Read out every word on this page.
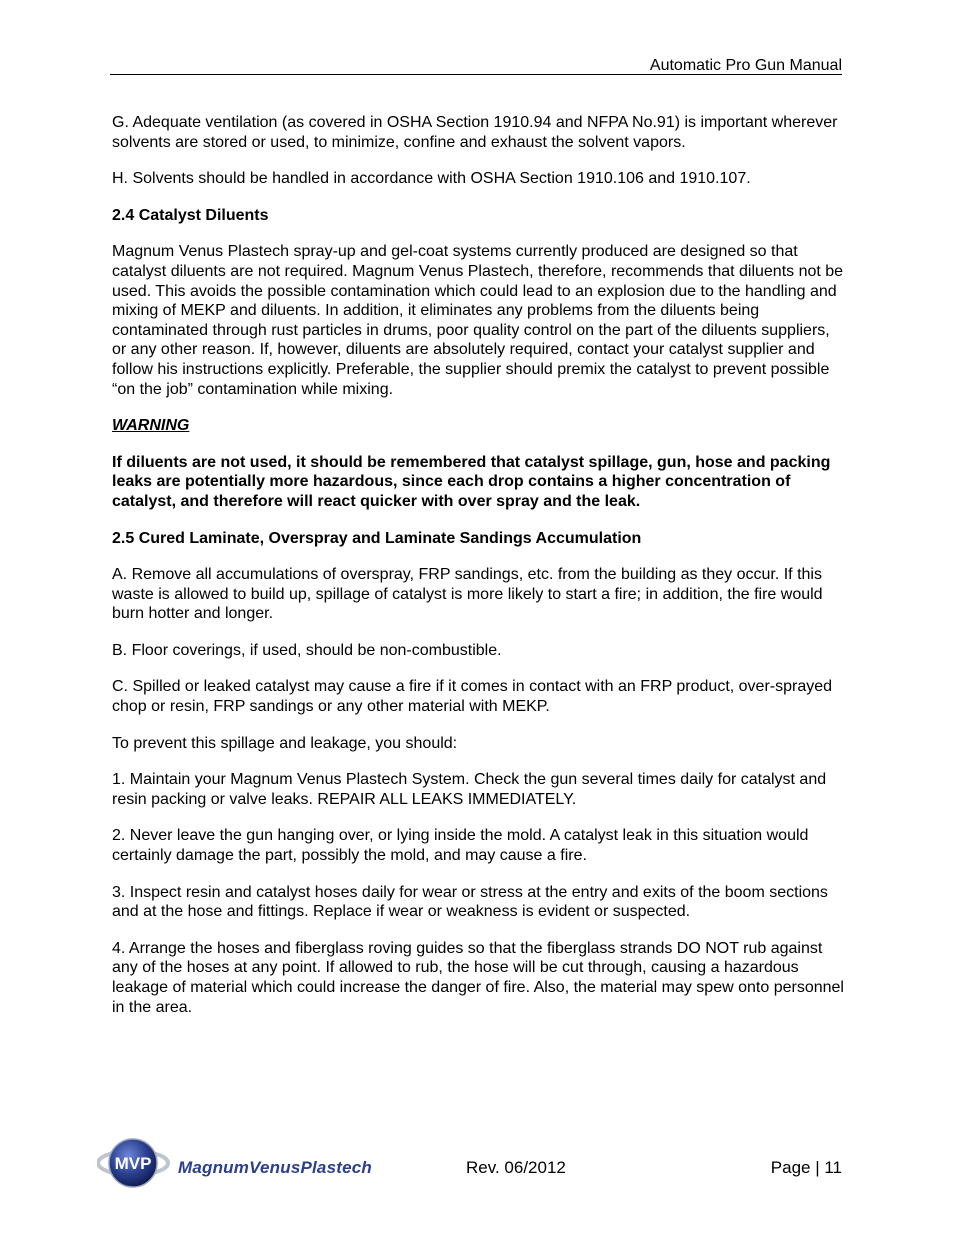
Automatic Pro Gun Manual

G. Adequate ventilation (as covered in OSHA Section 1910.94 and NFPA No.91) is important wherever solvents are stored or used, to minimize, confine and exhaust the solvent vapors.

H. Solvents should be handled in accordance with OSHA Section 1910.106 and 1910.107.

2.4 Catalyst Diluents

Magnum Venus Plastech spray-up and gel-coat systems currently produced are designed so that catalyst diluents are not required. Magnum Venus Plastech, therefore, recommends that diluents not be used. This avoids the possible contamination which could lead to an explosion due to the handling and mixing of MEKP and diluents. In addition, it eliminates any problems from the diluents being contaminated through rust particles in drums, poor quality control on the part of the diluents suppliers, or any other reason. If, however, diluents are absolutely required, contact your catalyst supplier and follow his instructions explicitly. Preferable, the supplier should premix the catalyst to prevent possible “on the job” contamination while mixing.

WARNING

If diluents are not used, it should be remembered that catalyst spillage, gun, hose and packing leaks are potentially more hazardous, since each drop contains a higher concentration of catalyst, and therefore will react quicker with over spray and the leak.

2.5 Cured Laminate, Overspray and Laminate Sandings Accumulation

A. Remove all accumulations of overspray, FRP sandings, etc. from the building as they occur. If this waste is allowed to build up, spillage of catalyst is more likely to start a fire; in addition, the fire would burn hotter and longer.

B. Floor coverings, if used, should be non-combustible.

C. Spilled or leaked catalyst may cause a fire if it comes in contact with an FRP product, over-sprayed chop or resin, FRP sandings or any other material with MEKP.

To prevent this spillage and leakage, you should:

1. Maintain your Magnum Venus Plastech System. Check the gun several times daily for catalyst and resin packing or valve leaks. REPAIR ALL LEAKS IMMEDIATELY.

2. Never leave the gun hanging over, or lying inside the mold. A catalyst leak in this situation would certainly damage the part, possibly the mold, and may cause a fire.

3. Inspect resin and catalyst hoses daily for wear or stress at the entry and exits of the boom sections and at the hose and fittings. Replace if wear or weakness is evident or suspected.

4. Arrange the hoses and fiberglass roving guides so that the fiberglass strands DO NOT rub against any of the hoses at any point. If allowed to rub, the hose will be cut through, causing a hazardous leakage of material which could increase the danger of fire. Also, the material may spew onto personnel in the area.

MVP MagnumVenusPlastech	Rev. 06/2012	Page | 11
